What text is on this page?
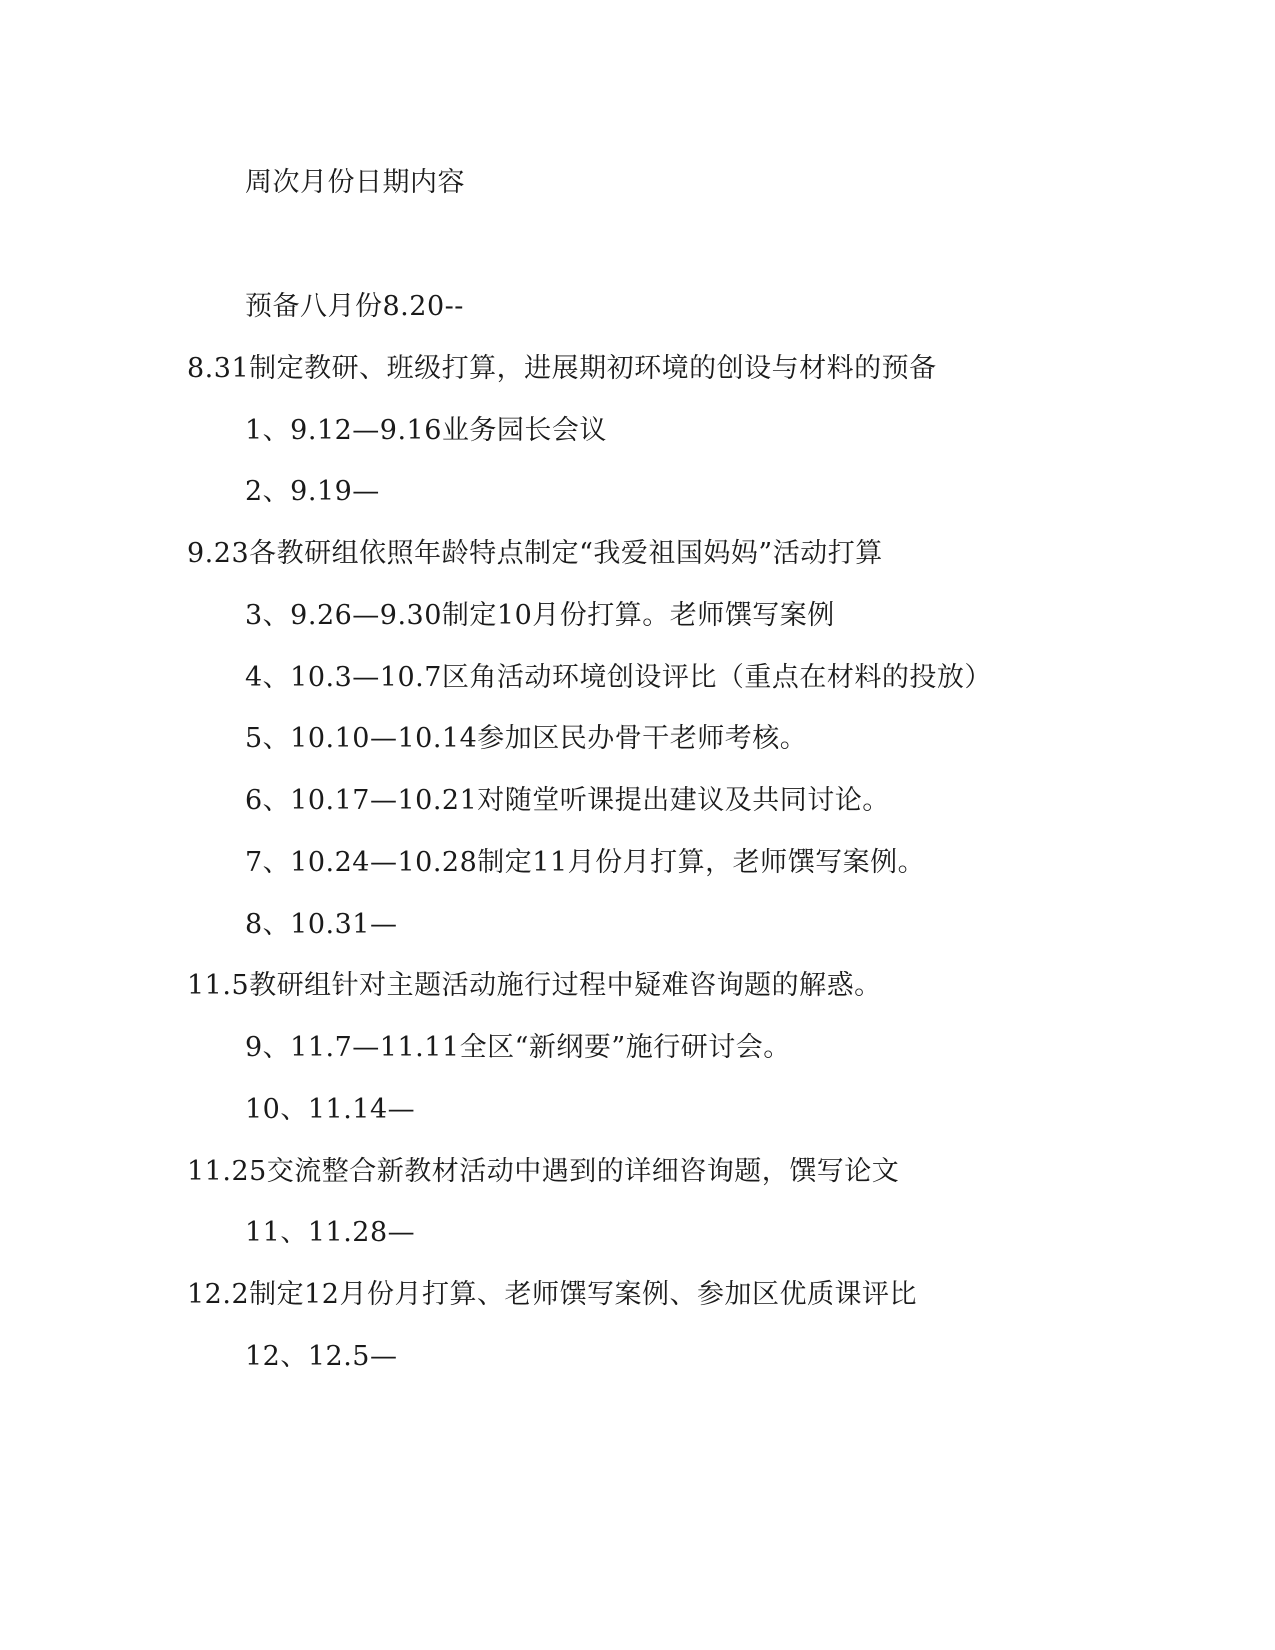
周次月份日期内容
预备八月份8.20--
8.31制定教研、班级打算，进展期初环境的创设与材料的预备
1、9.12—9.16业务园长会议
2、9.19—
9.23各教研组依照年龄特点制定“我爱祖国妈妈”活动打算
3、9.26—9.30制定10月份打算。老师馔写案例
4、10.3—10.7区角活动环境创设评比（重点在材料的投放）
5、10.10—10.14参加区民办骨干老师考核。
6、10.17—10.21对随堂听课提出建议及共同讨论。
7、10.24—10.28制定11月份月打算，老师馔写案例。
8、10.31—
11.5教研组针对主题活动施行过程中疑难咨询题的解惑。
9、11.7—11.11全区“新纲要”施行研讨会。
10、11.14—
11.25交流整合新教材活动中遇到的详细咨询题，馔写论文
11、11.28—
12.2制定12月份月打算、老师馔写案例、参加区优质课评比
12、12.5—
